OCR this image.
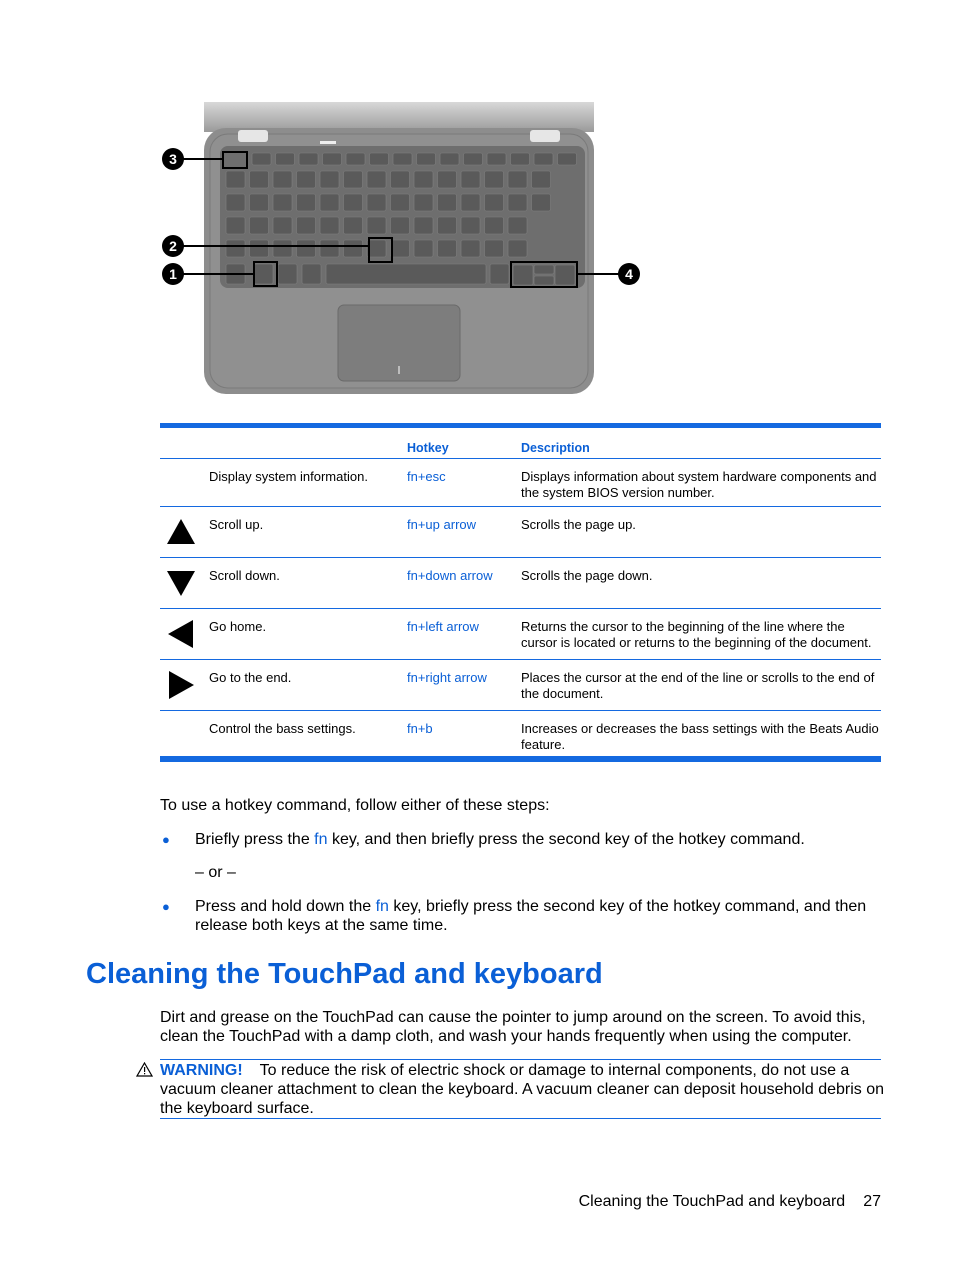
3
2
1	4
Hotkey	Description
Display system information.	fn+esc	Displays information about system hardware components and the system BIOS version number.
Scroll up.	fn+up arrow	Scrolls the page up.
Scroll down.	fn+down arrow	Scrolls the page down.
Go home.	fn+left arrow	Returns the cursor to the beginning of the line where the cursor is located or returns to the beginning of the document.
Go to the end.	fn+right arrow	Places the cursor at the end of the line or scrolls to the end of the document.
Control the bass settings.	fn+b	Increases or decreases the bass settings with the Beats Audio feature.
To use a hotkey command, follow either of these steps:
● Briefly press the fn key, and then briefly press the second key of the hotkey command.
– or –
● Press and hold down the fn key, briefly press the second key of the hotkey command, and then release both keys at the same time.
Cleaning the TouchPad and keyboard
Dirt and grease on the TouchPad can cause the pointer to jump around on the screen. To avoid this, clean the TouchPad with a damp cloth, and wash your hands frequently when using the computer.
WARNING! To reduce the risk of electric shock or damage to internal components, do not use a vacuum cleaner attachment to clean the keyboard. A vacuum cleaner can deposit household debris on the keyboard surface.
Cleaning the TouchPad and keyboard 27
